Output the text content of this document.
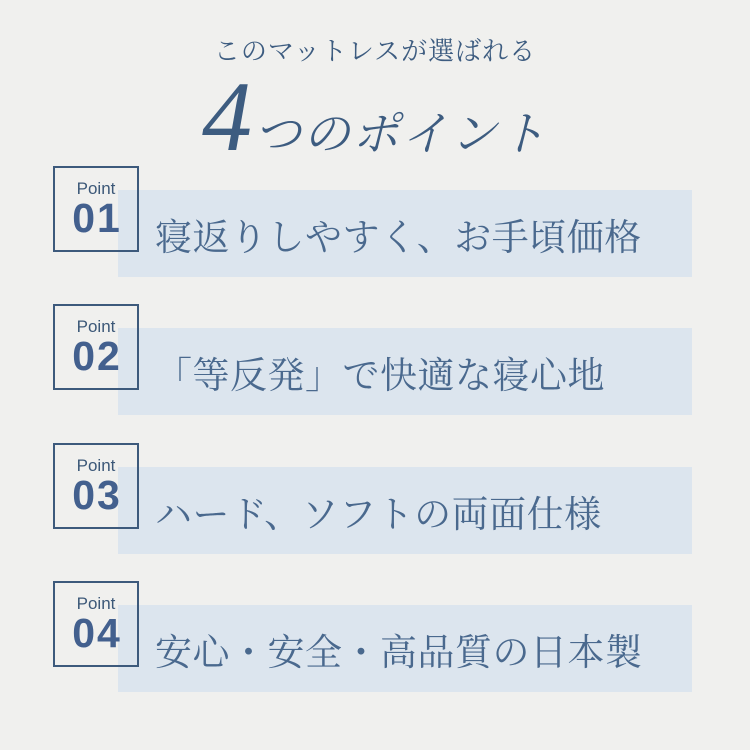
このマットレスが選ばれる
4つのポイント
寝返りしやすく、お手頃価格
Point
01
「等反発」で快適な寝心地
Point
02
ハード、ソフトの両面仕様
Point
03
安心・安全・高品質の日本製
Point
04
